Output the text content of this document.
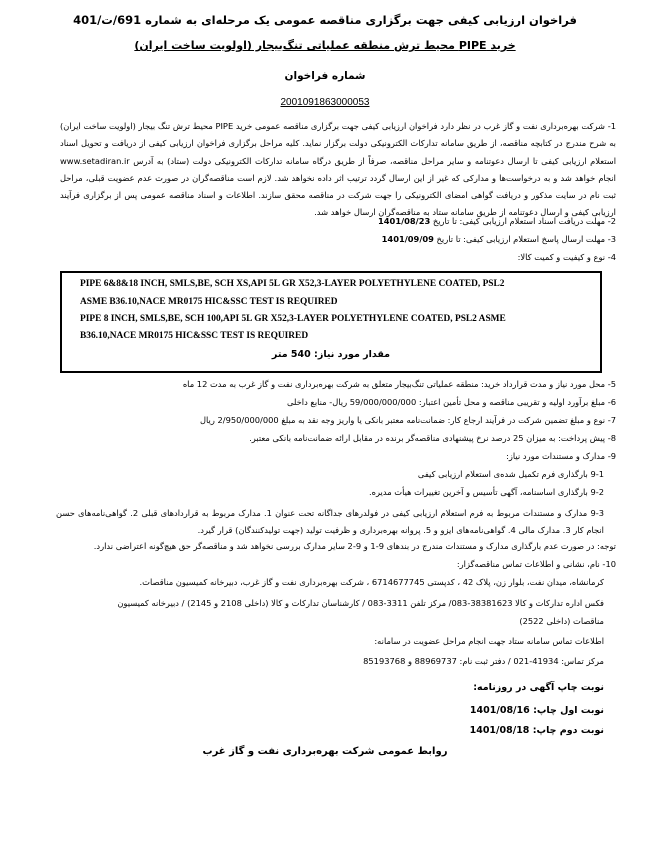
فراخوان ارزیابی کیفی جهت برگزاری مناقصه عمومی یک مرحله‌ای به شماره 691/ت/401
خرید PIPE محیط ترش منطقه عملیاتی تنگ‌بیجار (اولویت ساخت ایران)
شماره فراخوان
2001091863000053
1- شرکت بهره‌برداری نفت و گاز غرب در نظر دارد فراخوان ارزیابی کیفی جهت برگزاری مناقصه عمومی خرید PIPE محیط ترش تنگ بیجار (اولویت ساخت ایران) به شرح مندرج در کتابچه مناقصه، از طریق سامانه تدارکات الکترونیکی دولت برگزار نماید. کلیه مراحل برگزاری فراخوان ارزیابی کیفی از دریافت و تحویل اسناد استعلام ارزیابی کیفی تا ارسال دعوتنامه و سایر مراحل مناقصه، صرفاً از طریق درگاه سامانه تدارکات الکترونیکی دولت (ستاد) به آدرس www.setadiran.ir انجام خواهد شد و به درخواست‌ها و مدارکی که غیر از این ارسال گردد ترتیب اثر داده نخواهد شد. لازم است مناقصه‌گران در صورت عدم عضویت قبلی، مراحل ثبت نام در سایت مذکور و دریافت گواهی امضای الکترونیکی را جهت شرکت در مناقصه محقق سازند. اطلاعات و اسناد مناقصه عمومی پس از برگزاری فرآیند ارزیابی کیفی و ارسال دعوتنامه از طریق سامانه ستاد به مناقصه‌گران ارسال خواهد شد.
2- مهلت دریافت اسناد استعلام ارزیابی کیفی: تا تاریخ 1401/08/23
3- مهلت ارسال پاسخ استعلام ارزیابی کیفی: تا تاریخ 1401/09/09
4- نوع و کیفیت و کمیت کالا:
PIPE 6&8&18 INCH, SMLS,BE, SCH XS,API 5L GR X52,3-LAYER POLYETHYLENE COATED, PSL2
ASME B36.10,NACE MR0175 HIC&SSC TEST IS REQUIRED
PIPE 8 INCH, SMLS,BE, SCH 100,API 5L GR X52,3-LAYER POLYETHYLENE COATED, PSL2 ASME
B36.10,NACE MR0175 HIC&SSC TEST IS REQUIRED
مقدار مورد نیاز: 540 متر
5- محل مورد نیاز و مدت قرارداد خرید: منطقه عملیاتی تنگ‌بیجار متعلق به شرکت بهره‌برداری نفت و گاز غرب به مدت 12 ماه
6- مبلغ برآورد اولیه و تقریبی مناقصه و محل تأمین اعتبار: 59/000/000/000 ریال- منابع داخلی
7- نوع و مبلغ تضمین شرکت در فرآیند ارجاع کار: ضمانت‌نامه معتبر بانکی یا واریز وجه نقد به مبلغ 2/950/000/000 ریال
8- پیش پرداخت: به میزان 25 درصد نرخ پیشنهادی مناقصه‌گر برنده در مقابل ارائه ضمانت‌نامه بانکی معتبر.
9- مدارک و مستندات مورد نیاز:
9-1 بارگذاری فرم تکمیل شده‌ی استعلام ارزیابی کیفی
9-2 بارگذاری اساسنامه، آگهی تأسیس و آخرین تغییرات هیأت مدیره.
9-3 مدارک و مستندات مربوط به فرم استعلام ارزیابی کیفی در فولدرهای جداگانه تحت عنوان 1. مدارک مربوط به قراردادهای قبلی 2. گواهی‌نامه‌های حسن انجام کار 3. مدارک مالی 4. گواهی‌نامه‌های ایزو و 5. پروانه بهره‌برداری و ظرفیت تولید (جهت تولیدکنندگان) قرار گیرد.
توجه: در صورت عدم بارگذاری مدارک و مستندات مندرج در بندهای 9-1 و 9-2 سایر مدارک بررسی نخواهد شد و مناقصه‌گر حق هیچ‌گونه اعتراضی ندارد.
10- نام، نشانی و اطلاعات تماس مناقصه‌گزار:
کرمانشاه، میدان نفت، بلوار زن، پلاک 42 ، کدپستی 6714677745 ، شرکت بهره‌برداری نفت و گاز غرب، دبیرخانه کمیسیون مناقصات.
فکس اداره تدارکات و کالا 38381623-083/ مرکز تلفن 3311-083 / کارشناسان تدارکات و کالا (داخلی 2108 و 2145) / دبیرخانه کمیسیون
مناقصات (داخلی 2522)
اطلاعات تماس سامانه ستاد جهت انجام مراحل عضویت در سامانه:
مرکز تماس: 41934-021 / دفتر ثبت نام: 88969737 و 85193768
نوبت چاپ آگهی در روزنامه:
نوبت اول چاپ: 1401/08/16
نوبت دوم چاپ: 1401/08/18
روابط عمومی شرکت بهره‌برداری نفت و گاز غرب
